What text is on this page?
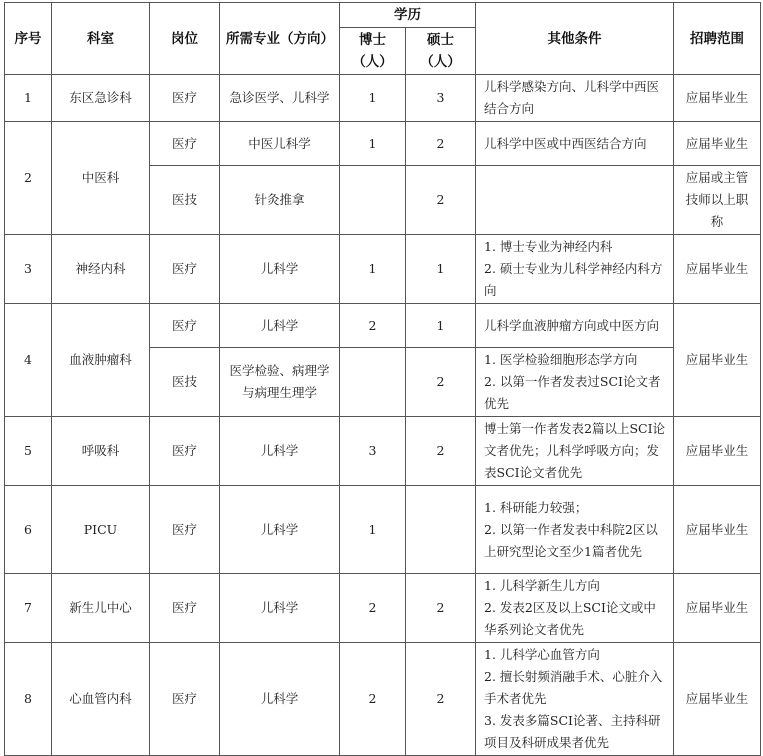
序号	科室	岗位	所需专业（方向）	学历		其他条件	招聘范围
				博士（人）	硕士（人）		
1	东区急诊科	医疗	急诊医学、儿科学	1	3	儿科学感染方向、儿科学中西医结合方向	应届毕业生
2	中医科	医疗	中医儿科学	1	2	儿科学中医或中西医结合方向	应届毕业生
		医技	针灸推拿		2		应届或主管技师以上职称
3	神经内科	医疗	儿科学	1	1	1. 博士专业为神经内科
2. 硕士专业为儿科学神经内科方向	应届毕业生
4	血液肿瘤科	医疗	儿科学	2	1	儿科学血液肿瘤方向或中医方向	应届毕业生
		医技	医学检验、病理学与病理生理学		2	1. 医学检验细胞形态学方向
2. 以第一作者发表过SCI论文者优先	

5	呼吸科	医疗	儿科学	3	2	博士第一作者发表2篇以上SCI论文者优先；儿科学呼吸方向；发表SCI论文者优先	应届毕业生
6	PICU	医疗	儿科学	1		1. 科研能力较强；
2. 以第一作者发表中科院2区以上研究型论文至少1篇者优先	应届毕业生
7	新生儿中心	医疗	儿科学	2	2	1. 儿科学新生儿方向
2. 发表2区及以上SCI论文或中华系列论文者优先	应届毕业生
8	心血管内科	医疗	儿科学	2	2	1. 儿科学心血管方向
2. 擅长射频消融手术、心脏介入手术者优先
3. 发表多篇SCI论著、主持科研项目及科研成果者优先	应届毕业生
